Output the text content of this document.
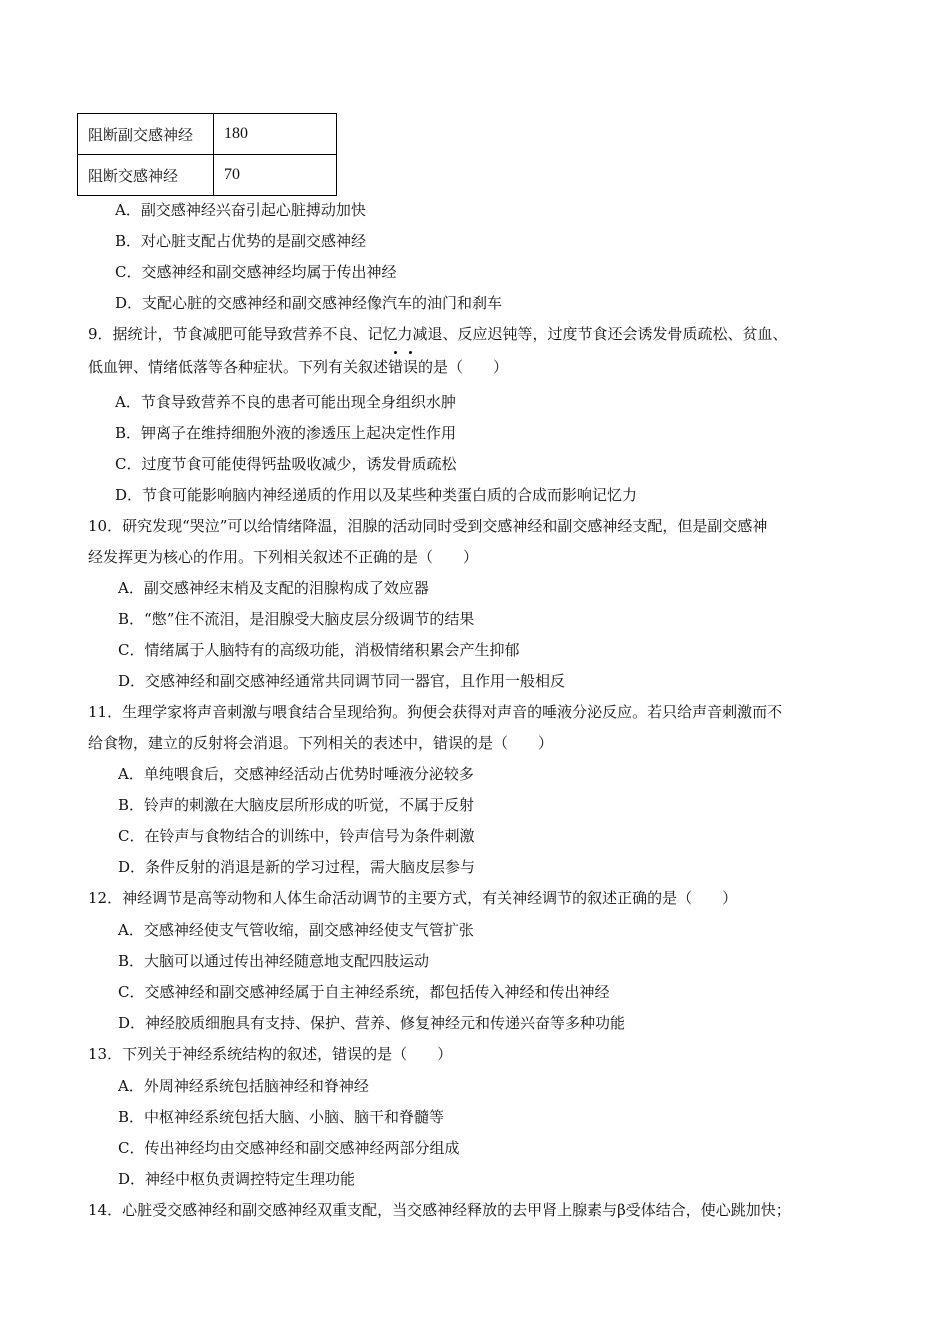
阻断副交感神经	180
阻断交感神经	70
A．副交感神经兴奋引起心脏搏动加快
B．对心脏支配占优势的是副交感神经
C．交感神经和副交感神经均属于传出神经
D．支配心脏的交感神经和副交感神经像汽车的油门和刹车
9．据统计，节食减肥可能导致营养不良、记忆力减退、反应迟钝等，过度节食还会诱发骨质疏松、贫血、
低血钾、情绪低落等各种症状。下列有关叙述错误的是（　　）
A．节食导致营养不良的患者可能出现全身组织水肿
B．钾离子在维持细胞外液的渗透压上起决定性作用
C．过度节食可能使得钙盐吸收减少，诱发骨质疏松
D．节食可能影响脑内神经递质的作用以及某些种类蛋白质的合成而影响记忆力
10．研究发现“哭泣”可以给情绪降温，泪腺的活动同时受到交感神经和副交感神经支配，但是副交感神
经发挥更为核心的作用。下列相关叙述不正确的是（　　）
A．副交感神经末梢及支配的泪腺构成了效应器
B．“憋”住不流泪，是泪腺受大脑皮层分级调节的结果
C．情绪属于人脑特有的高级功能，消极情绪积累会产生抑郁
D．交感神经和副交感神经通常共同调节同一器官，且作用一般相反
11．生理学家将声音刺激与喂食结合呈现给狗。狗便会获得对声音的唾液分泌反应。若只给声音刺激而不
给食物，建立的反射将会消退。下列相关的表述中，错误的是（　　）
A．单纯喂食后，交感神经活动占优势时唾液分泌较多
B．铃声的刺激在大脑皮层所形成的听觉，不属于反射
C．在铃声与食物结合的训练中，铃声信号为条件刺激
D．条件反射的消退是新的学习过程，需大脑皮层参与
12．神经调节是高等动物和人体生命活动调节的主要方式，有关神经调节的叙述正确的是（　　）
A．交感神经使支气管收缩，副交感神经使支气管扩张
B．大脑可以通过传出神经随意地支配四肢运动
C．交感神经和副交感神经属于自主神经系统，都包括传入神经和传出神经
D．神经胶质细胞具有支持、保护、营养、修复神经元和传递兴奋等多种功能
13．下列关于神经系统结构的叙述，错误的是（　　）
A．外周神经系统包括脑神经和脊神经
B．中枢神经系统包括大脑、小脑、脑干和脊髓等
C．传出神经均由交感神经和副交感神经两部分组成
D．神经中枢负责调控特定生理功能
14．心脏受交感神经和副交感神经双重支配，当交感神经释放的去甲肾上腺素与β受体结合，使心跳加快；
